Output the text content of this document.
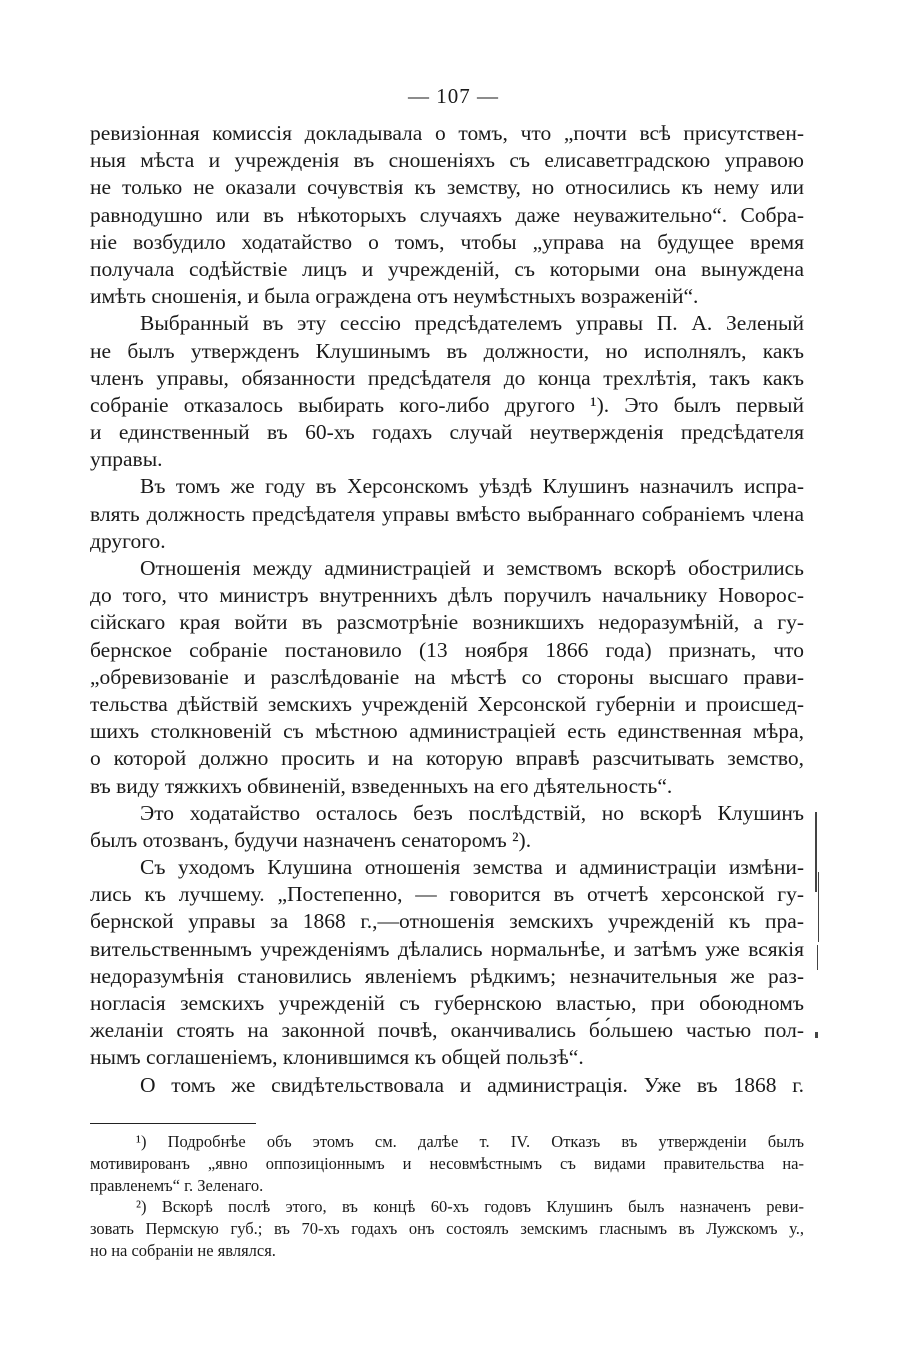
— 107 —
ревизіонная комиссія докладывала о томъ, что „почти всѣ присутствен-
ныя мѣста и учрежденія въ сношеніяхъ съ елисаветградскою управою
не только не оказали сочувствія къ земству, но относились къ нему или
равнодушно или въ нѣкоторыхъ случаяхъ даже неуважительно“. Собра-
ніе возбудило ходатайство о томъ, чтобы „управа на будущее время
получала содѣйствіе лицъ и учрежденій, съ которыми она вынуждена
имѣть сношенія, и была ограждена отъ неумѣстныхъ возраженій“.
Выбранный въ эту сессію предсѣдателемъ управы П. А. Зеленый
не былъ утвержденъ Клушинымъ въ должности, но исполнялъ, какъ
членъ управы, обязанности предсѣдателя до конца трехлѣтія, такъ какъ
собраніе отказалось выбирать кого-либо другого ¹). Это былъ первый
и единственный въ 60-хъ годахъ случай неутвержденія предсѣдателя
управы.
Въ томъ же году въ Херсонскомъ уѣздѣ Клушинъ назначилъ испра-
влять должность предсѣдателя управы вмѣсто выбраннаго собраніемъ члена
другого.
Отношенія между администраціей и земствомъ вскорѣ обострились
до того, что министръ внутреннихъ дѣлъ поручилъ начальнику Новорос-
сійскаго края войти въ разсмотрѣніе возникшихъ недоразумѣній, а гу-
бернское собраніе постановило (13 ноября 1866 года) признать, что
„обревизованіе и разслѣдованіе на мѣстѣ со стороны высшаго прави-
тельства дѣйствій земскихъ учрежденій Херсонской губерніи и происшед-
шихъ столкновеній съ мѣстною администраціей есть единственная мѣра,
о которой должно просить и на которую вправѣ разсчитывать земство,
въ виду тяжкихъ обвиненій, взведенныхъ на его дѣятельность“.
Это ходатайство осталось безъ послѣдствій, но вскорѣ Клушинъ
былъ отозванъ, будучи назначенъ сенаторомъ ²).
Съ уходомъ Клушина отношенія земства и администраціи измѣни-
лись къ лучшему. „Постепенно, — говорится въ отчетѣ херсонской гу-
бернской управы за 1868 г.,—отношенія земскихъ учрежденій къ пра-
вительственнымъ учрежденіямъ дѣлались нормальнѣе, и затѣмъ уже всякія
недоразумѣнія становились явленіемъ рѣдкимъ; незначительныя же раз-
ногласія земскихъ учрежденій съ губернскою властью, при обоюдномъ
желаніи стоять на законной почвѣ, оканчивались бо́льшею частью пол-
нымъ соглашеніемъ, клонившимся къ общей пользѣ“.
О томъ же свидѣтельствовала и администрація. Уже въ 1868 г.
¹) Подробнѣе объ этомъ см. далѣе т. IV. Отказъ въ утвержденіи былъ
мотивированъ „явно оппозиціоннымъ и несовмѣстнымъ съ видами правительства на-
правленемъ“ г. Зеленаго.
²) Вскорѣ послѣ этого, въ концѣ 60-хъ годовъ Клушинъ былъ назначенъ реви-
зовать Пермскую губ.; въ 70-хъ годахъ онъ состоялъ земскимъ гласнымъ въ Лужскомъ у.,
но на собраніи не являлся.
